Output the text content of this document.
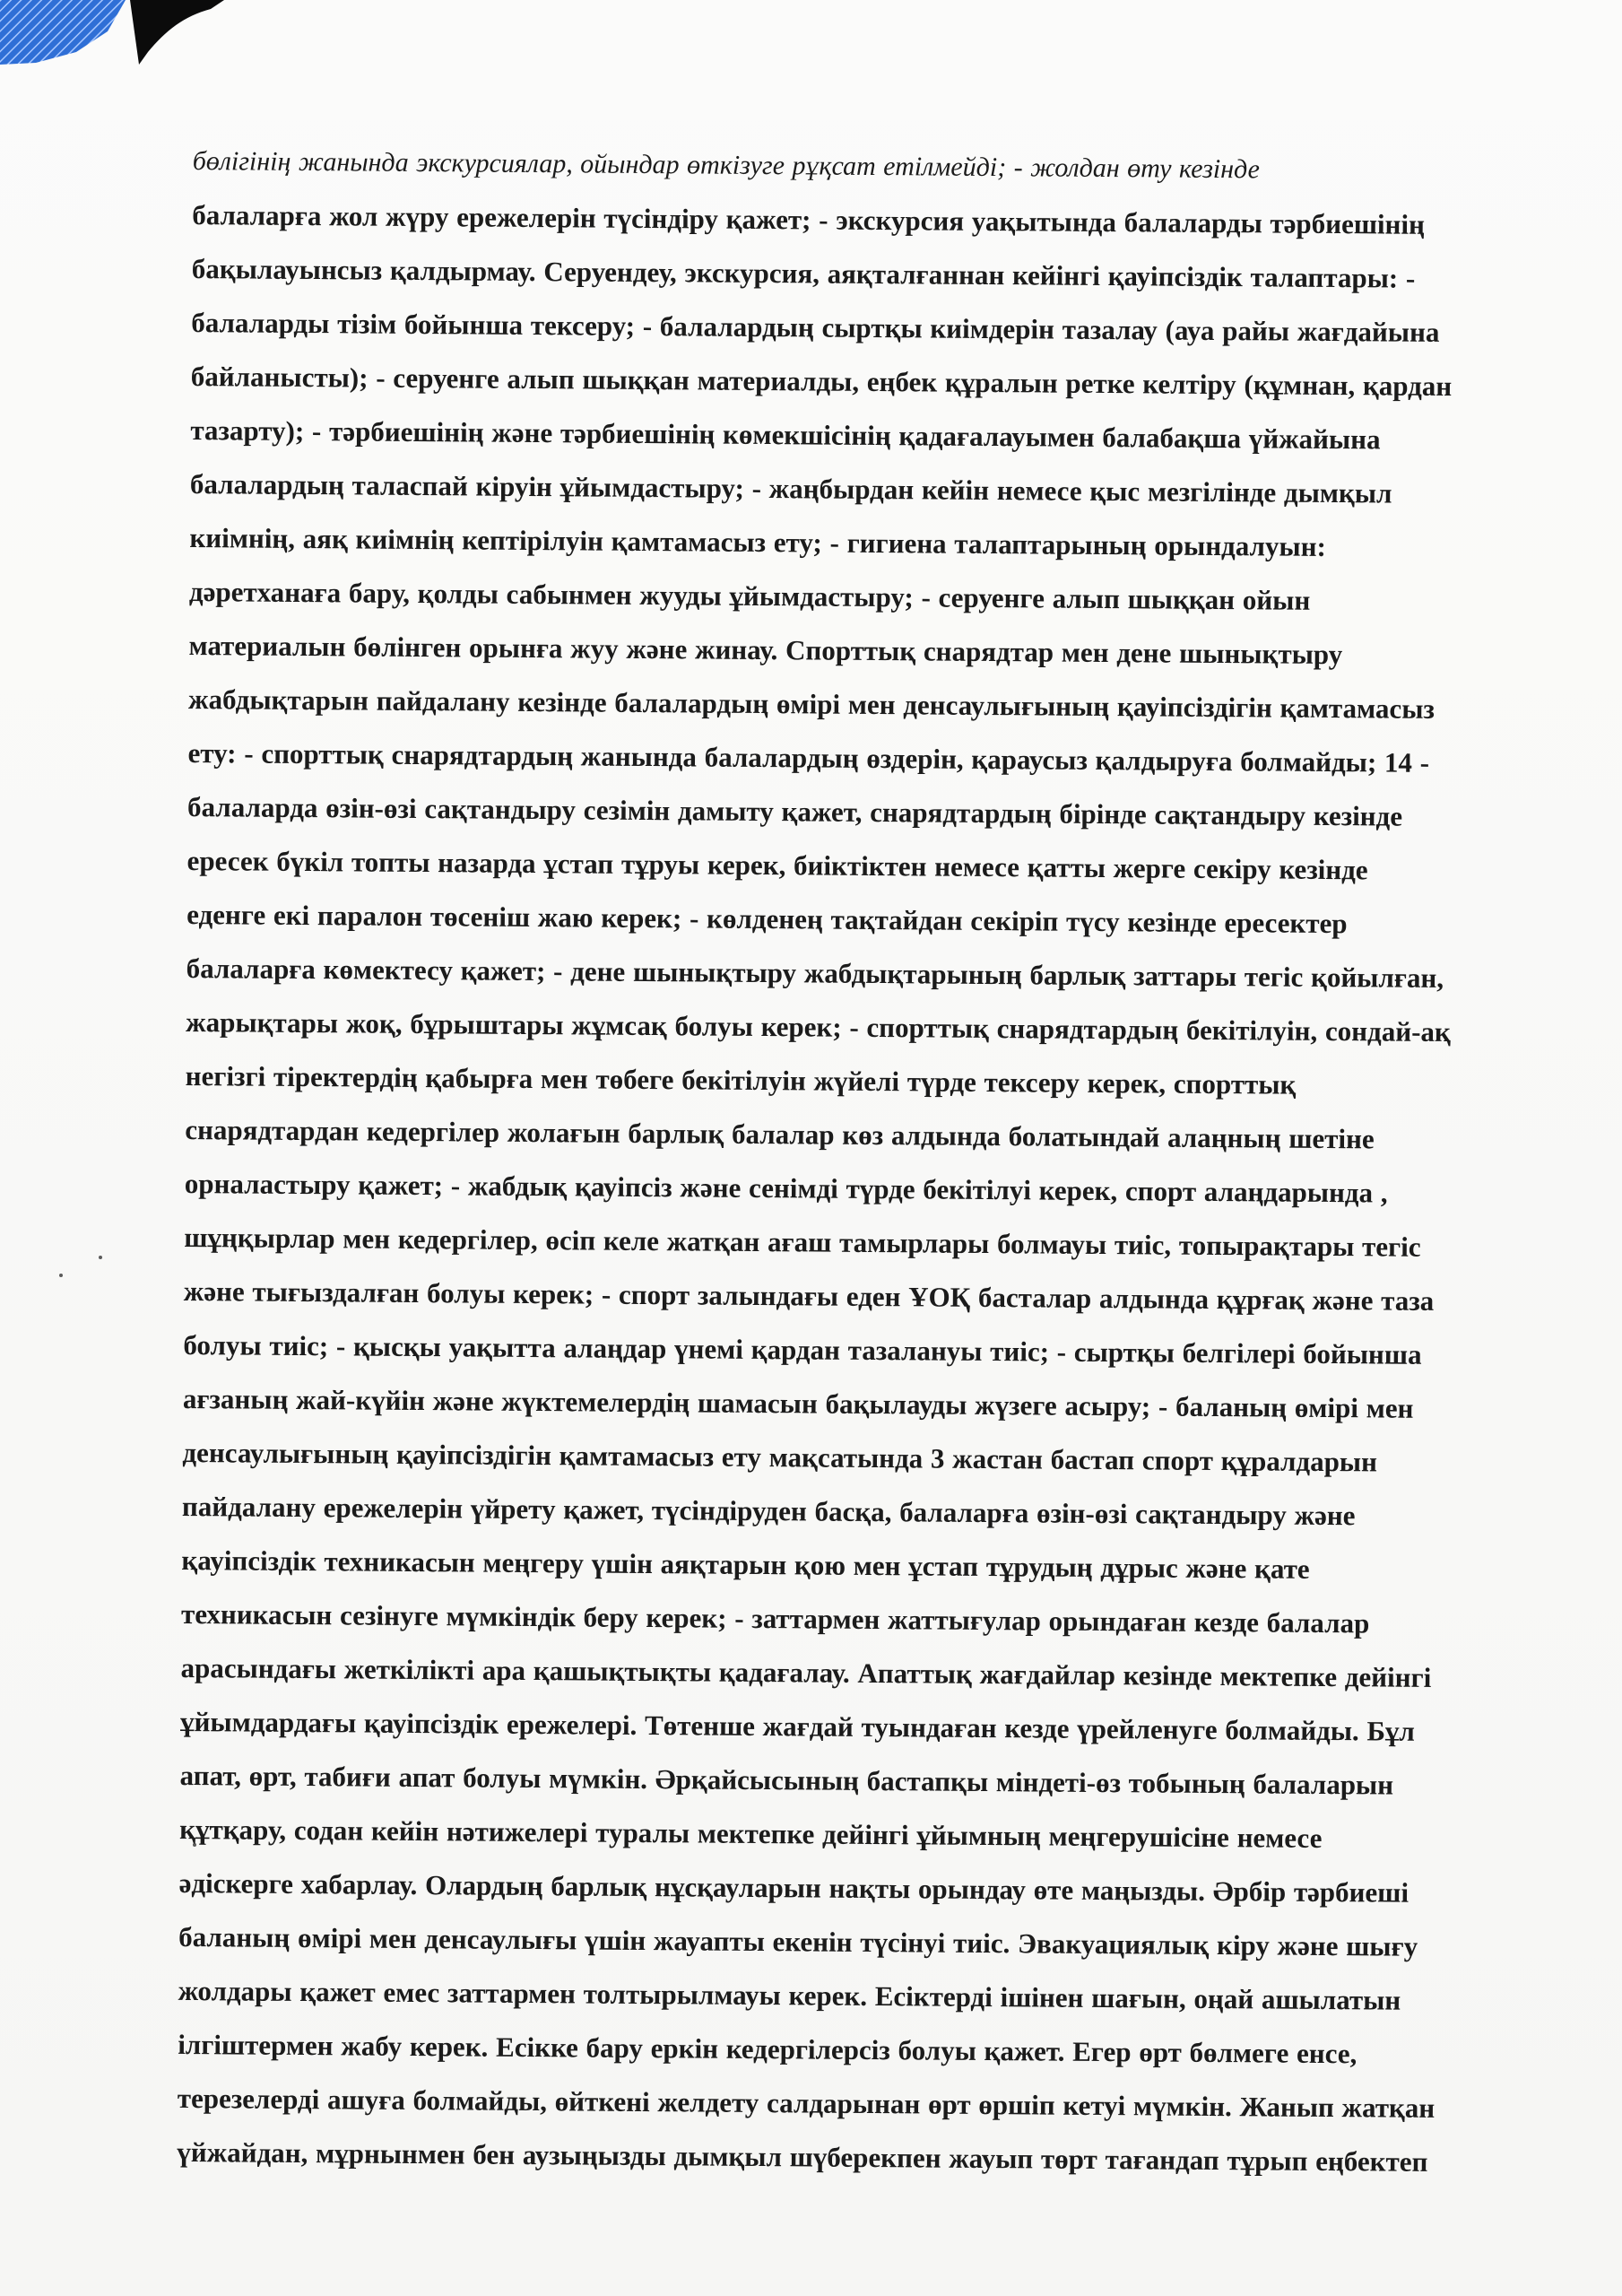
бөлігінің жанында экскурсиялар, ойындар өткізуге рұқсат етілмейді; - жолдан өту кезінде
балаларға жол жүру ережелерін түсіндіру қажет; - экскурсия уақытында балаларды тәрбиешінің
бақылауынсыз қалдырмау. Серуендеу, экскурсия, аяқталғаннан кейінгі қауіпсіздік талаптары: -
балаларды тізім бойынша тексеру; - балалардың сыртқы киімдерін тазалау (ауа райы жағдайына
байланысты); - серуенге алып шыққан материалды, еңбек құралын ретке келтіру (құмнан, қардан
тазарту); - тәрбиешінің және тәрбиешінің көмекшісінің қадағалауымен балабақша үйжайына
балалардың таласпай кіруін ұйымдастыру; - жаңбырдан кейін немесе қыс мезгілінде дымқыл
киімнің, аяқ киімнің кептірілуін қамтамасыз ету; - гигиена талаптарының орындалуын:
дәретханаға бару, қолды сабынмен жууды ұйымдастыру; - серуенге алып шыққан ойын
материалын бөлінген орынға жуу және жинау. Спорттық снарядтар мен дене шынықтыру
жабдықтарын пайдалану кезінде балалардың өмірі мен денсаулығының қауіпсіздігін қамтамасыз
ету: - спорттық снарядтардың жанында балалардың өздерін, қараусыз қалдыруға болмайды; 14 -
балаларда өзін-өзі сақтандыру сезімін дамыту қажет, снарядтардың бірінде сақтандыру кезінде
ересек бүкіл топты назарда ұстап тұруы керек, биіктіктен немесе қатты жерге секіру кезінде
еденге екі паралон төсеніш жаю керек; - көлденең тақтайдан секіріп түсу кезінде ересектер
балаларға көмектесу қажет; - дене шынықтыру жабдықтарының барлық заттары тегіс қойылған,
жарықтары жоқ, бұрыштары жұмсақ болуы керек; - спорттық снарядтардың бекітілуін, сондай-ақ
негізгі тіректердің қабырға мен төбеге бекітілуін жүйелі түрде тексеру керек, спорттық
снарядтардан кедергілер жолағын барлық балалар көз алдында болатындай алаңның шетіне
орналастыру қажет; - жабдық қауіпсіз және сенімді түрде бекітілуі керек, спорт алаңдарында ,
шұңқырлар мен кедергілер, өсіп келе жатқан ағаш тамырлары болмауы тиіс, топырақтары тегіс
және тығыздалған болуы керек; - спорт залындағы еден ҰОҚ басталар алдында құрғақ және таза
болуы тиіс; - қысқы уақытта алаңдар үнемі қардан тазалануы тиіс; - сыртқы белгілері бойынша
ағзаның жай-күйін және жүктемелердің шамасын бақылауды жүзеге асыру; - баланың өмірі мен
денсаулығының қауіпсіздігін қамтамасыз ету мақсатында 3 жастан бастап спорт құралдарын
пайдалану ережелерін үйрету қажет, түсіндіруден басқа, балаларға өзін-өзі сақтандыру және
қауіпсіздік техникасын меңгеру үшін аяқтарын қою мен ұстап тұрудың дұрыс және қате
техникасын сезінуге мүмкіндік беру керек; - заттармен жаттығулар орындаған кезде балалар
арасындағы жеткілікті ара қашықтықты қадағалау. Апаттық жағдайлар кезінде мектепке дейінгі
ұйымдардағы қауіпсіздік ережелері. Төтенше жағдай туындаған кезде үрейленуге болмайды. Бұл
апат, өрт, табиғи апат болуы мүмкін. Әрқайсысының бастапқы міндеті-өз тобының балаларын
құтқару, содан кейін нәтижелері туралы мектепке дейінгі ұйымның меңгерушісіне немесе
әдіскерге хабарлау. Олардың барлық нұсқауларын нақты орындау өте маңызды. Әрбір тәрбиеші
баланың өмірі мен денсаулығы үшін жауапты екенін түсінуі тиіс. Эвакуациялық кіру және шығу
жолдары қажет емес заттармен толтырылмауы керек. Есіктерді ішінен шағын, оңай ашылатын
ілгіштермен жабу керек. Есікке бару еркін кедергілерсіз болуы қажет. Егер өрт бөлмеге енсе,
терезелерді ашуға болмайды, өйткені желдету салдарынан өрт өршіп кетуі мүмкін. Жанып жатқан
үйжайдан, мұрнынмен бен аузыңызды дымқыл шүберекпен жауып төрт тағандап тұрып еңбектеп
